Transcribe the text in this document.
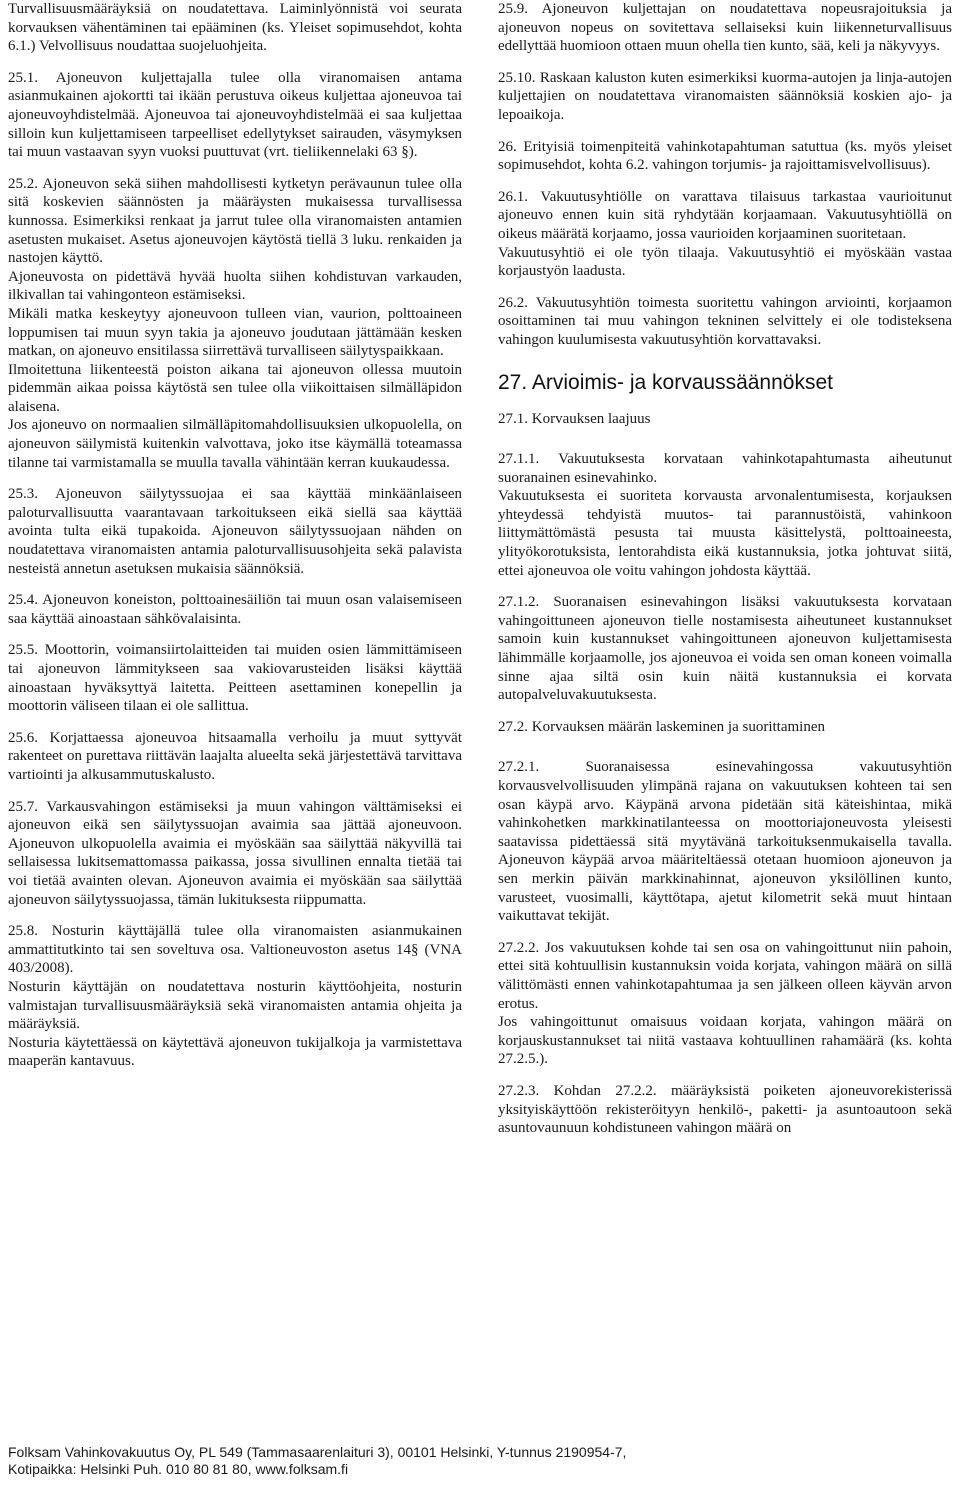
Turvallisuusmääräyksiä on noudatettava. Laiminlyönnistä voi seurata korvauksen vähentäminen tai epääminen (ks. Yleiset sopimusehdot, kohta 6.1.) Velvollisuus noudattaa suojeluohjeita.

25.1. Ajoneuvon kuljettajalla tulee olla viranomaisen antama asianmukainen ajokortti tai ikään perustuva oikeus kuljettaa ajoneuvoa tai ajoneuvoyhdistelmää. Ajoneuvoa tai ajoneuvoyhdistelmää ei saa kuljettaa silloin kun kuljettamiseen tarpeelliset edellytykset sairauden, väsymyksen tai muun vastaavan syyn vuoksi puuttuvat (vrt. tieliikennelaki 63 §).

25.2. Ajoneuvon sekä siihen mahdollisesti kytketyn perävaunun tulee olla sitä koskevien säännösten ja määräysten mukaisessa turvallisessa kunnossa. Esimerkiksi renkaat ja jarrut tulee olla viranomaisten antamien asetusten mukaiset. Asetus ajoneuvojen käytöstä tiellä 3 luku. renkaiden ja nastojen käyttö.

Ajoneuvosta on pidettävä hyvää huolta siihen kohdistuvan varkauden, ilkivallan tai vahingonteon estämiseksi.

Mikäli matka keskeytyy ajoneuvoon tulleen vian, vaurion, polttoaineen loppumisen tai muun syyn takia ja ajoneuvo joudutaan jättämään kesken matkan, on ajoneuvo ensitilassa siirrettävä turvalliseen säilytyspaikkaan.

Ilmoitettuna liikenteestä poiston aikana tai ajoneuvon ollessa muutoin pidemmän aikaa poissa käytöstä sen tulee olla viikoittaisen silmälläpidon alaisena.

Jos ajoneuvo on normaalien silmälläpitomahdollisuuksien ulkopuolella, on ajoneuvon säilymistä kuitenkin valvottava, joko itse käymällä toteamassa tilanne tai varmistamalla se muulla tavalla vähintään kerran kuukaudessa.

25.3. Ajoneuvon säilytyssuojaa ei saa käyttää minkäänlaiseen paloturvallisuutta vaarantavaan tarkoitukseen eikä siellä saa käyttää avointa tulta eikä tupakoida. Ajoneuvon säilytyssuojaan nähden on noudatettava viranomaisten antamia paloturvallisuusohjeita sekä palavista nesteistä annetun asetuksen mukaisia säännöksiä.

25.4. Ajoneuvon koneiston, polttoainesäiliön tai muun osan valaisemiseen saa käyttää ainoastaan sähkövalaisinta.

25.5. Moottorin, voimansiirtolaitteiden tai muiden osien lämmittämiseen tai ajoneuvon lämmitykseen saa vakiovarusteiden lisäksi käyttää ainoastaan hyväksyttyä laitetta. Peitteen asettaminen konepellin ja moottorin väliseen tilaan ei ole sallittua.

25.6. Korjattaessa ajoneuvoa hitsaamalla verhoilu ja muut syttyvät rakenteet on purettava riittävän laajalta alueelta sekä järjestettävä tarvittava vartiointi ja alkusammutuskalusto.

25.7. Varkausvahingon estämiseksi ja muun vahingon välttämiseksi ei ajoneuvon eikä sen säilytyssuojan avaimia saa jättää ajoneuvoon. Ajoneuvon ulkopuolella avaimia ei myöskään saa säilyttää näkyvillä tai sellaisessa lukitsemattomassa paikassa, jossa sivullinen ennalta tietää tai voi tietää avainten olevan. Ajoneuvon avaimia ei myöskään saa säilyttää ajoneuvon säilytyssuojassa, tämän lukituksesta riippumatta.

25.8. Nosturin käyttäjällä tulee olla viranomaisten asianmukainen ammattitutkinto tai sen soveltuva osa. Valtioneuvoston asetus 14§ (VNA 403/2008).

Nosturin käyttäjän on noudatettava nosturin käyttöohjeita, nosturin valmistajan turvallisuusmääräyksiä sekä viranomaisten antamia ohjeita ja määräyksiä.

Nosturia käytettäessä on käytettävä ajoneuvon tukijalkoja ja varmistettava maaperän kantavuus.

25.9. Ajoneuvon kuljettajan on noudatettava nopeusrajoituksia ja ajoneuvon nopeus on sovitettava sellaiseksi kuin liikenneturvallisuus edellyttää huomioon ottaen muun ohella tien kunto, sää, keli ja näkyvyys.

25.10. Raskaan kaluston kuten esimerkiksi kuorma-autojen ja linja-autojen kuljettajien on noudatettava viranomaisten säännöksiä koskien ajo- ja lepoaikoja.

26. Erityisiä toimenpiteitä vahinkotapahtuman satuttua (ks. myös yleiset sopimusehdot, kohta 6.2. vahingon torjumis- ja rajoittamisvelvollisuus).

26.1. Vakuutusyhtiölle on varattava tilaisuus tarkastaa vaurioitunut ajoneuvo ennen kuin sitä ryhdytään korjaamaan. Vakuutusyhtiöllä on oikeus määrätä korjaamo, jossa vaurioiden korjaaminen suoritetaan.

Vakuutusyhtiö ei ole työn tilaaja. Vakuutusyhtiö ei myöskään vastaa korjaustyön laadusta.

26.2. Vakuutusyhtiön toimesta suoritettu vahingon arviointi, korjaamon osoittaminen tai muu vahingon tekninen selvittely ei ole todisteksena vahingon kuulumisesta vakuutusyhtiön korvattavaksi.

27. Arvioimis- ja korvaussäännökset

27.1. Korvauksen laajuus

27.1.1. Vakuutuksesta korvataan vahinkotapahtumasta aiheutunut suoranainen esinevahinko.

Vakuutuksesta ei suoriteta korvausta arvonalentumisesta, korjauksen yhteydessä tehdyistä muutos- tai parannustöistä, vahinkoon liittymättömästä pesusta tai muusta käsittelystä, polttoaineesta, ylityökorotuksista, lentorahdista eikä kustannuksia, jotka johtuvat siitä, ettei ajoneuvoa ole voitu vahingon johdosta käyttää.

27.1.2. Suoranaisen esinevahingon lisäksi vakuutuksesta korvataan vahingoittuneen ajoneuvon tielle nostamisesta aiheutuneet kustannukset samoin kuin kustannukset vahingoittuneen ajoneuvon kuljettamisesta lähimmälle korjaamolle, jos ajoneuvoa ei voida sen oman koneen voimalla sinne ajaa siltä osin kuin näitä kustannuksia ei korvata autopalveluvakuutuksesta.

27.2. Korvauksen määrän laskeminen ja suorittaminen

27.2.1. Suoranaisessa esinevahingossa vakuutusyhtiön korvausvelvollisuuden ylimpänä rajana on vakuutuksen kohteen tai sen osan käypä arvo. Käypänä arvona pidetään sitä käteishintaa, mikä vahinkohetken markkinatilanteessa on moottoriajoneuvosta yleisesti saatavissa pidettäessä sitä myytävänä tarkoituksenmukaisella tavalla. Ajoneuvon käypää arvoa määriteltäessä otetaan huomioon ajoneuvon ja sen merkin päivän markkinahinnat, ajoneuvon yksilöllinen kunto, varusteet, vuosimalli, käyttötapa, ajetut kilometrit sekä muut hintaan vaikuttavat tekijät.

27.2.2. Jos vakuutuksen kohde tai sen osa on vahingoittunut niin pahoin, ettei sitä kohtuullisin kustannuksin voida korjata, vahingon määrä on sillä välittömästi ennen vahinkotapahtumaa ja sen jälkeen olleen käyvän arvon erotus.

Jos vahingoittunut omaisuus voidaan korjata, vahingon määrä on korjauskustannukset tai niitä vastaava kohtuullinen rahamäärä (ks. kohta 27.2.5.).

27.2.3. Kohdan 27.2.2. määräyksistä poiketen ajoneuvorekisterissä yksityiskäyttöön rekisteröityyn henkilö-, paketti- ja asuntoautoon sekä asuntovaunuun kohdistuneen vahingon määrä on

Folksam Vahinkovakuutus Oy, PL 549 (Tammasaarenlaituri 3), 00101 Helsinki, Y-tunnus 2190954-7,
Kotipaikka: Helsinki Puh. 010 80 81 80, www.folksam.fi
